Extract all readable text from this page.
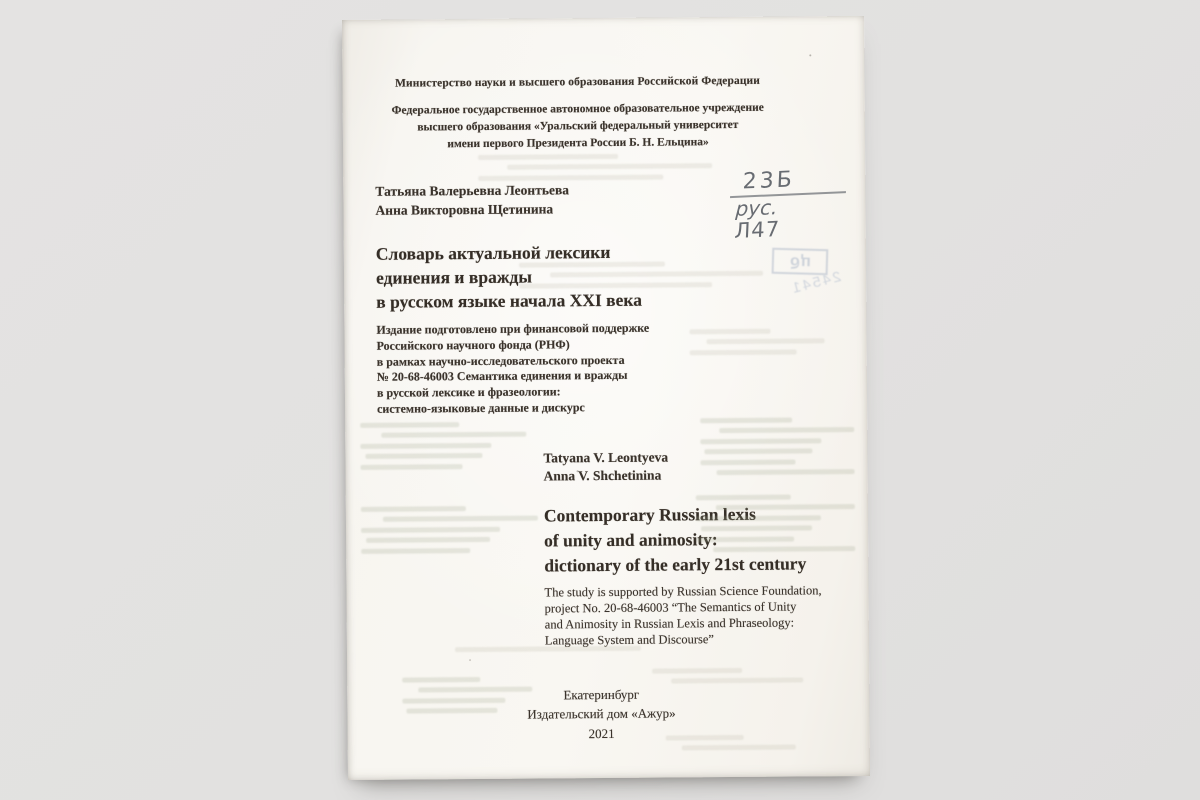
Министерство науки и высшего образования Российской Федерации
Федеральное государственное автономное образовательное учреждение
высшего образования «Уральский федеральный университет
имени первого Президента России Б. Н. Ельцина»
Татьяна Валерьевна Леонтьева
Анна Викторовна Щетинина
23Б
рус.
Л47
Словарь актуальной лексики
единения и вражды
в русском языке начала XXI века
Издание подготовлено при финансовой поддержке
Российского научного фонда (РНФ)
в рамках научно-исследовательского проекта
№ 20-68-46003 Семантика единения и вражды
в русской лексике и фразеологии:
системно-языковые данные и дискурс
Tatyana V. Leontyeva
Anna V. Shchetinina
Contemporary Russian lexis
of unity and animosity:
dictionary of the early 21st century
The study is supported by Russian Science Foundation,
project No. 20-68-46003 “The Semantics of Unity
and Animosity in Russian Lexis and Phraseology:
Language System and Discourse”
Екатеринбург
Издательский дом «Ажур»
2021
цб
24541
